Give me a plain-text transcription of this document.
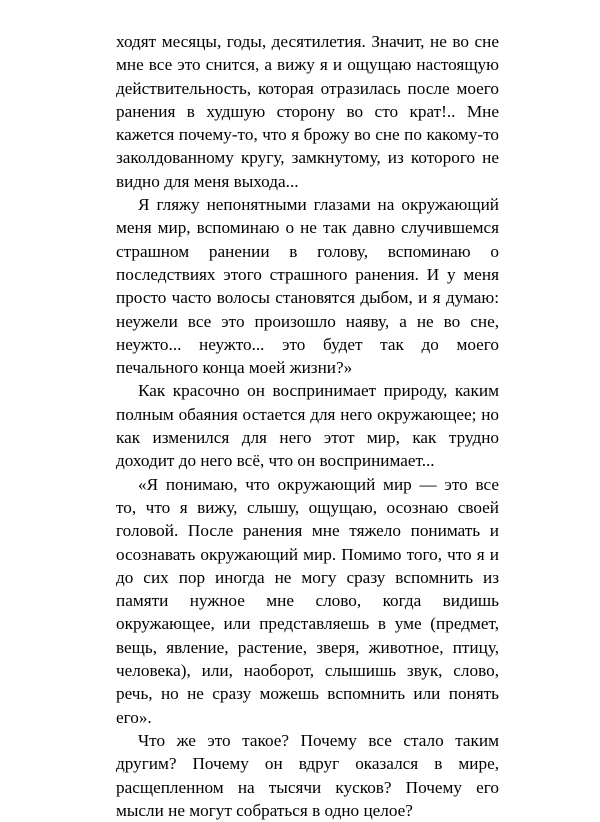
ходят месяцы, годы, десятилетия. Значит, не во сне мне все это снится, а вижу я и ощущаю настоящую действительность, которая отразилась после моего ранения в худшую сторону во сто крат!.. Мне кажется почему-то, что я брожу во сне по какому-то заколдованному кругу, замкнутому, из которого не видно для меня выхода...

Я гляжу непонятными глазами на окружающий меня мир, вспоминаю о не так давно случившемся страшном ранении в голову, вспоминаю о последствиях этого страшного ранения. И у меня просто часто волосы становятся дыбом, и я думаю: неужели все это произошло наяву, а не во сне, неужто... неужто... это будет так до моего печального конца моей жизни?»

Как красочно он воспринимает природу, каким полным обаяния остается для него окружающее; но как изменился для него этот мир, как трудно доходит до него всё, что он воспринимает...

«Я понимаю, что окружающий мир — это все то, что я вижу, слышу, ощущаю, осознаю своей головой. После ранения мне тяжело понимать и осознавать окружающий мир. Помимо того, что я и до сих пор иногда не могу сразу вспомнить из памяти нужное мне слово, когда видишь окружающее, или представляешь в уме (предмет, вещь, явление, растение, зверя, животное, птицу, человека), или, наоборот, слышишь звук, слово, речь, но не сразу можешь вспомнить или понять его».

Что же это такое? Почему все стало таким другим? Почему он вдруг оказался в мире, расщепленном на тысячи кусков? Почему его мысли не могут собраться в одно целое?
